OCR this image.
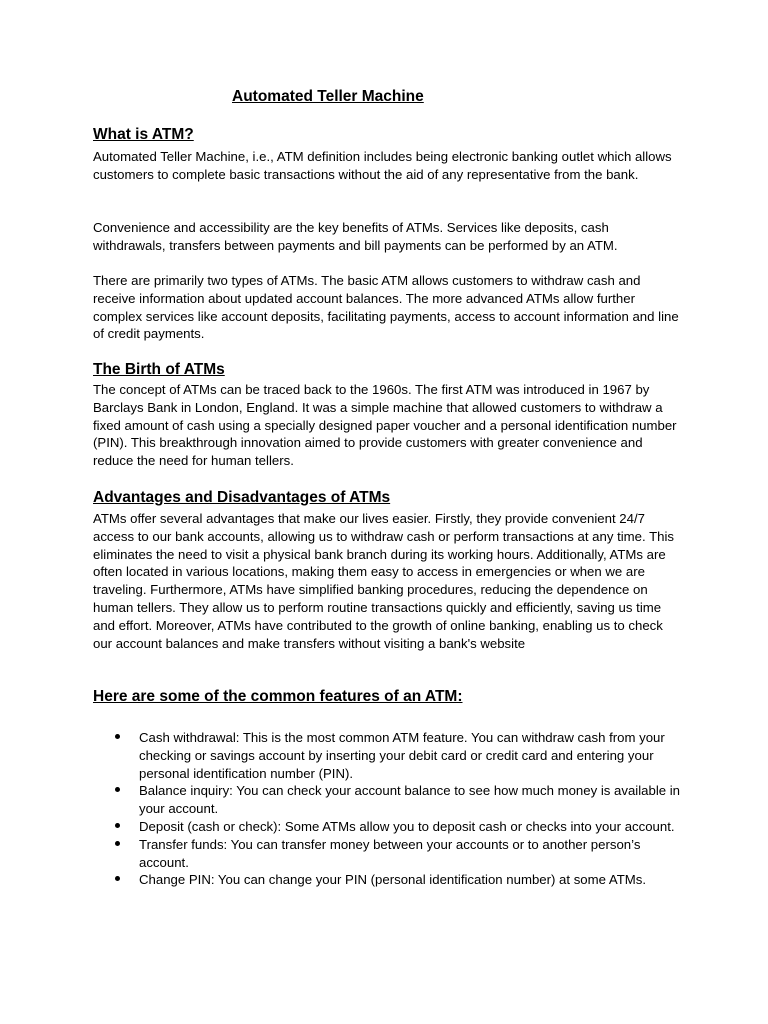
Automated Teller Machine
What is ATM?

Automated Teller Machine, i.e., ATM definition includes being electronic banking outlet which allows customers to complete basic transactions without the aid of any representative from the bank.

Convenience and accessibility are the key benefits of ATMs. Services like deposits, cash withdrawals, transfers between payments and bill payments can be performed by an ATM.

There are primarily two types of ATMs. The basic ATM allows customers to withdraw cash and receive information about updated account balances. The more advanced ATMs allow further complex services like account deposits, facilitating payments, access to account information and line of credit payments.

The Birth of ATMs

The concept of ATMs can be traced back to the 1960s. The first ATM was introduced in 1967 by Barclays Bank in London, England. It was a simple machine that allowed customers to withdraw a fixed amount of cash using a specially designed paper voucher and a personal identification number (PIN). This breakthrough innovation aimed to provide customers with greater convenience and reduce the need for human tellers.

Advantages and Disadvantages of ATMs

ATMs offer several advantages that make our lives easier. Firstly, they provide convenient 24/7 access to our bank accounts, allowing us to withdraw cash or perform transactions at any time. This eliminates the need to visit a physical bank branch during its working hours. Additionally, ATMs are often located in various locations, making them easy to access in emergencies or when we are traveling. Furthermore, ATMs have simplified banking procedures, reducing the dependence on human tellers. They allow us to perform routine transactions quickly and efficiently, saving us time and effort. Moreover, ATMs have contributed to the growth of online banking, enabling us to check our account balances and make transfers without visiting a bank's website

Here are some of the common features of an ATM:
Cash withdrawal: This is the most common ATM feature. You can withdraw cash from your checking or savings account by inserting your debit card or credit card and entering your personal identification number (PIN).
Balance inquiry: You can check your account balance to see how much money is available in your account.
Deposit (cash or check): Some ATMs allow you to deposit cash or checks into your account.
Transfer funds: You can transfer money between your accounts or to another person’s account.
Change PIN: You can change your PIN (personal identification number) at some ATMs.
